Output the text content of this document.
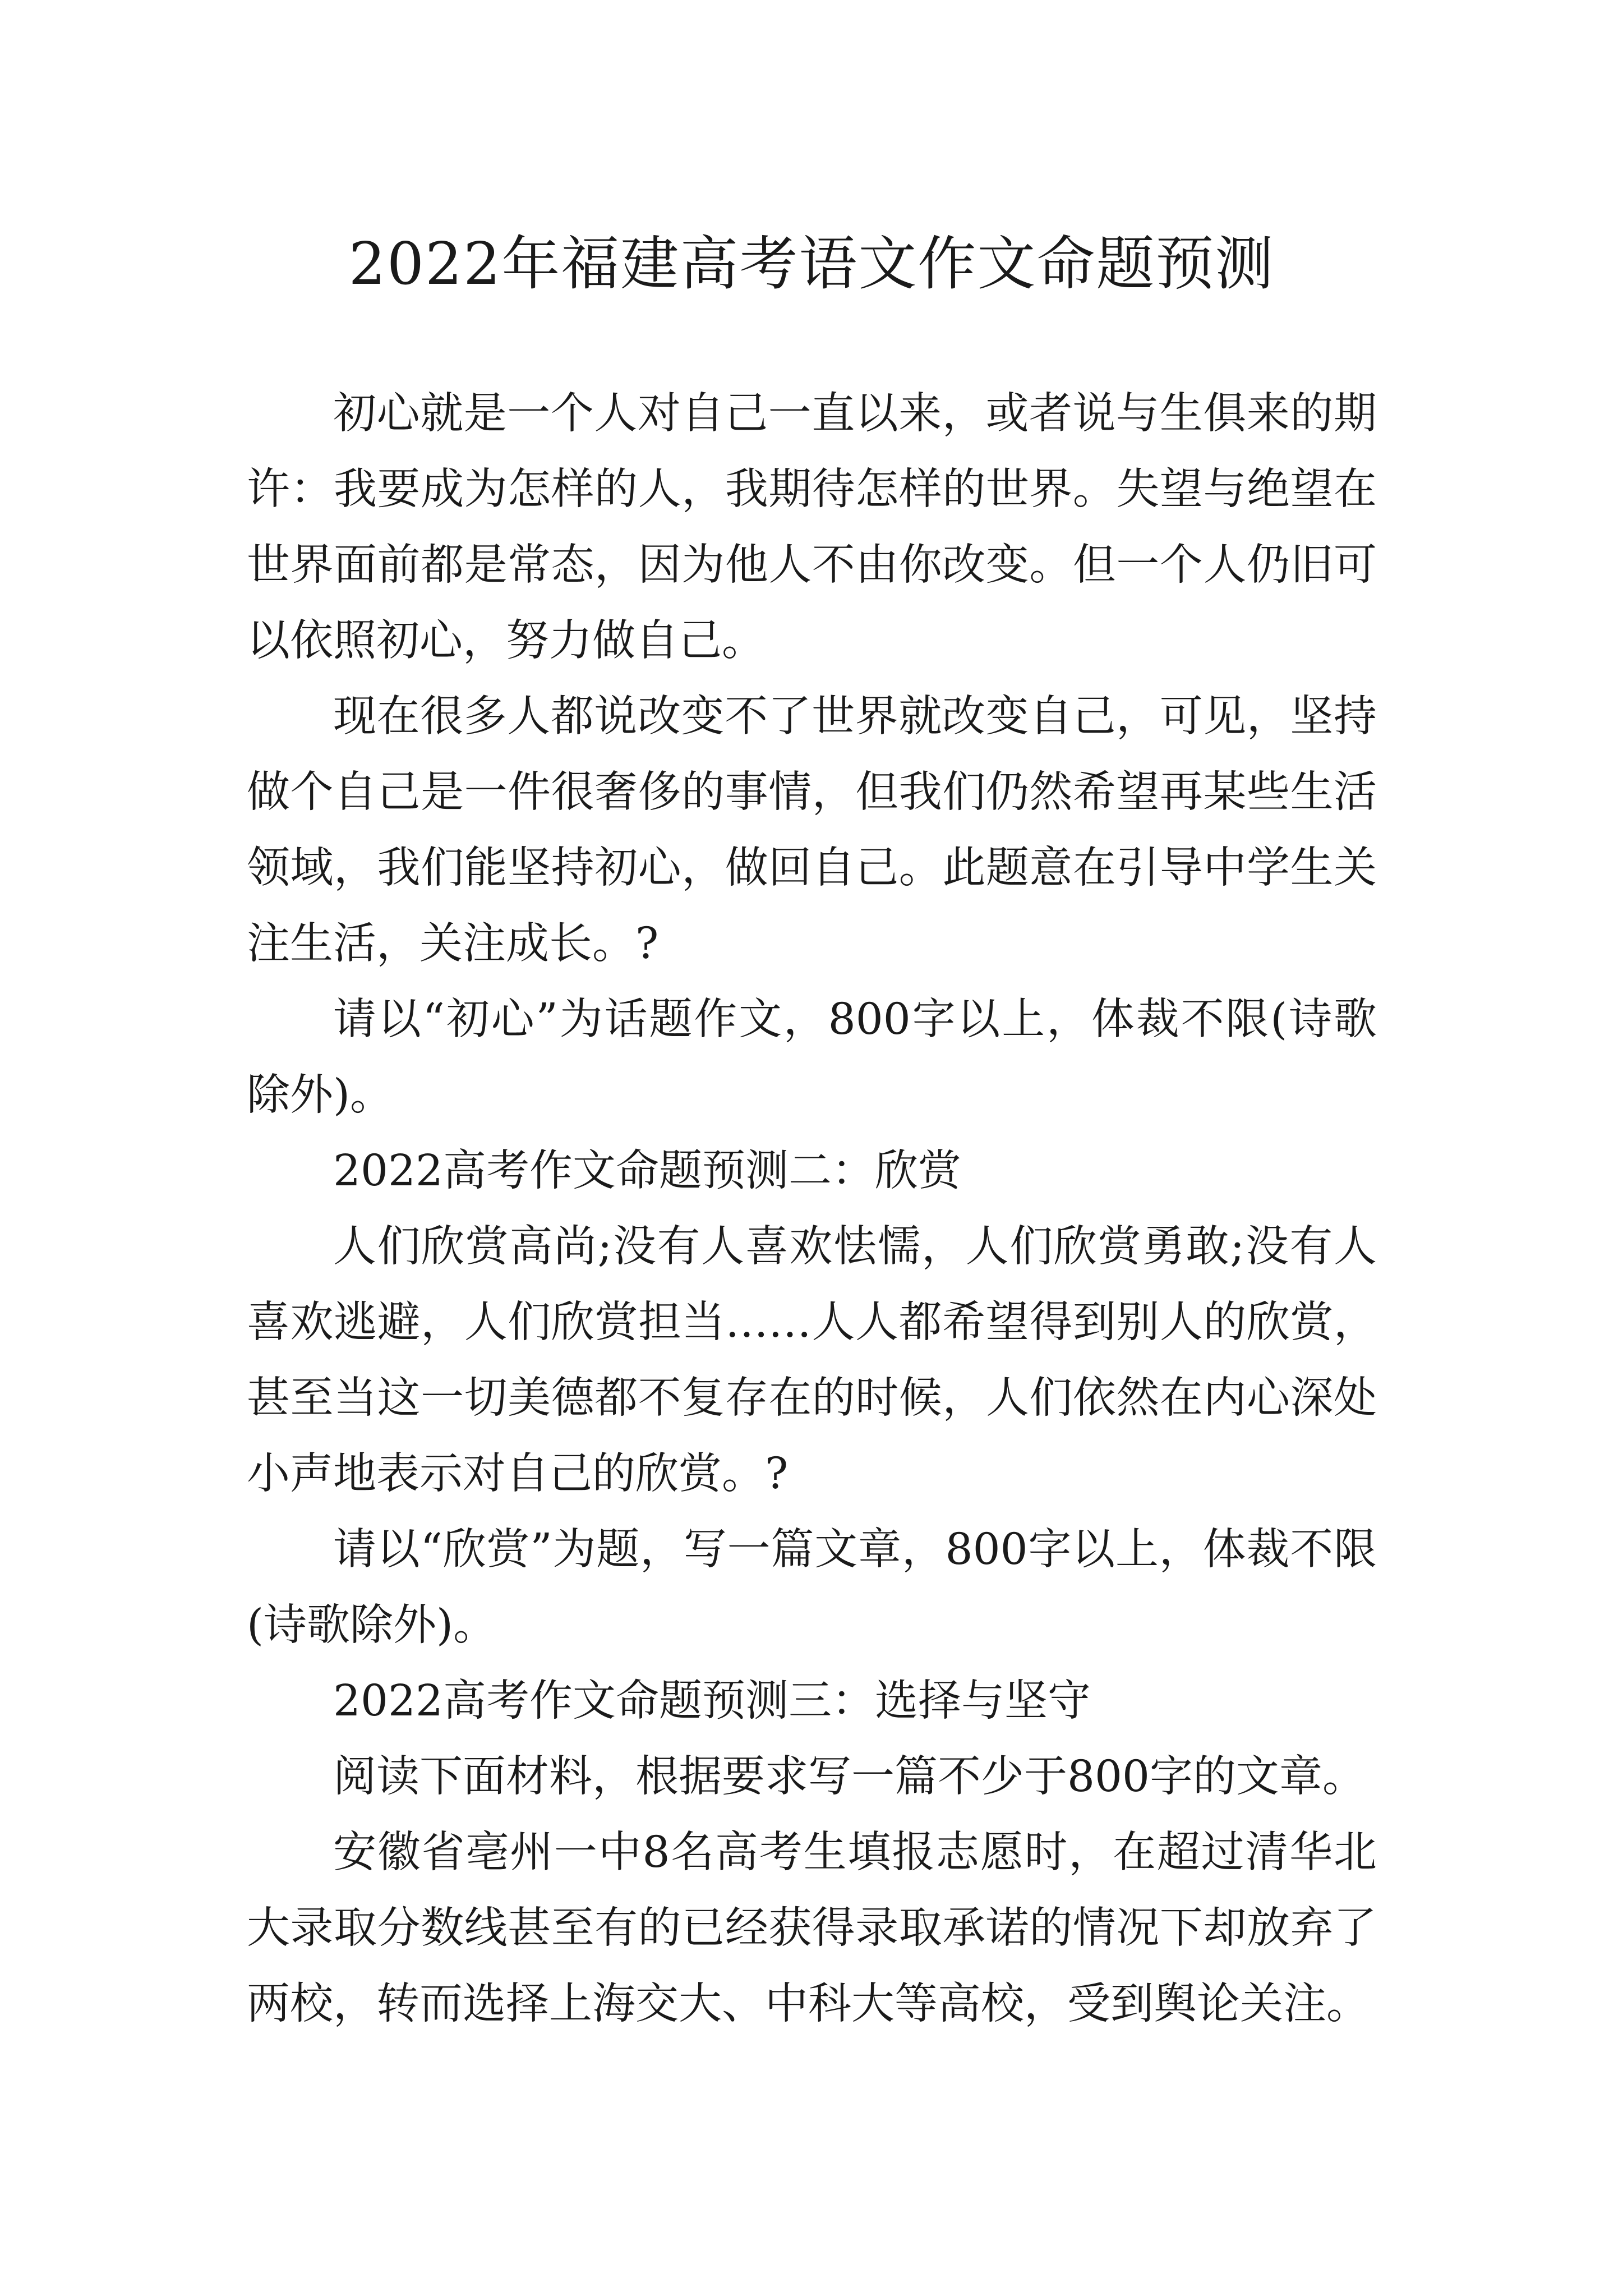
2022年福建高考语文作文命题预测

初心就是一个人对自己一直以来，或者说与生俱来的期许：我要成为怎样的人，我期待怎样的世界。失望与绝望在世界面前都是常态，因为他人不由你改变。但一个人仍旧可以依照初心，努力做自己。

现在很多人都说改变不了世界就改变自己，可见，坚持做个自己是一件很奢侈的事情，但我们仍然希望再某些生活领域，我们能坚持初心，做回自己。此题意在引导中学生关注生活，关注成长。?

请以“初心”为话题作文，800字以上，体裁不限(诗歌除外)。

2022高考作文命题预测二：欣赏

人们欣赏高尚;没有人喜欢怯懦，人们欣赏勇敢;没有人喜欢逃避，人们欣赏担当……人人都希望得到别人的欣赏，甚至当这一切美德都不复存在的时候，人们依然在内心深处小声地表示对自己的欣赏。?

请以“欣赏”为题，写一篇文章，800字以上，体裁不限(诗歌除外)。

2022高考作文命题预测三：选择与坚守

阅读下面材料，根据要求写一篇不少于800字的文章。

安徽省亳州一中8名高考生填报志愿时，在超过清华北大录取分数线甚至有的已经获得录取承诺的情况下却放弃了两校，转而选择上海交大、中科大等高校，受到舆论关注。
